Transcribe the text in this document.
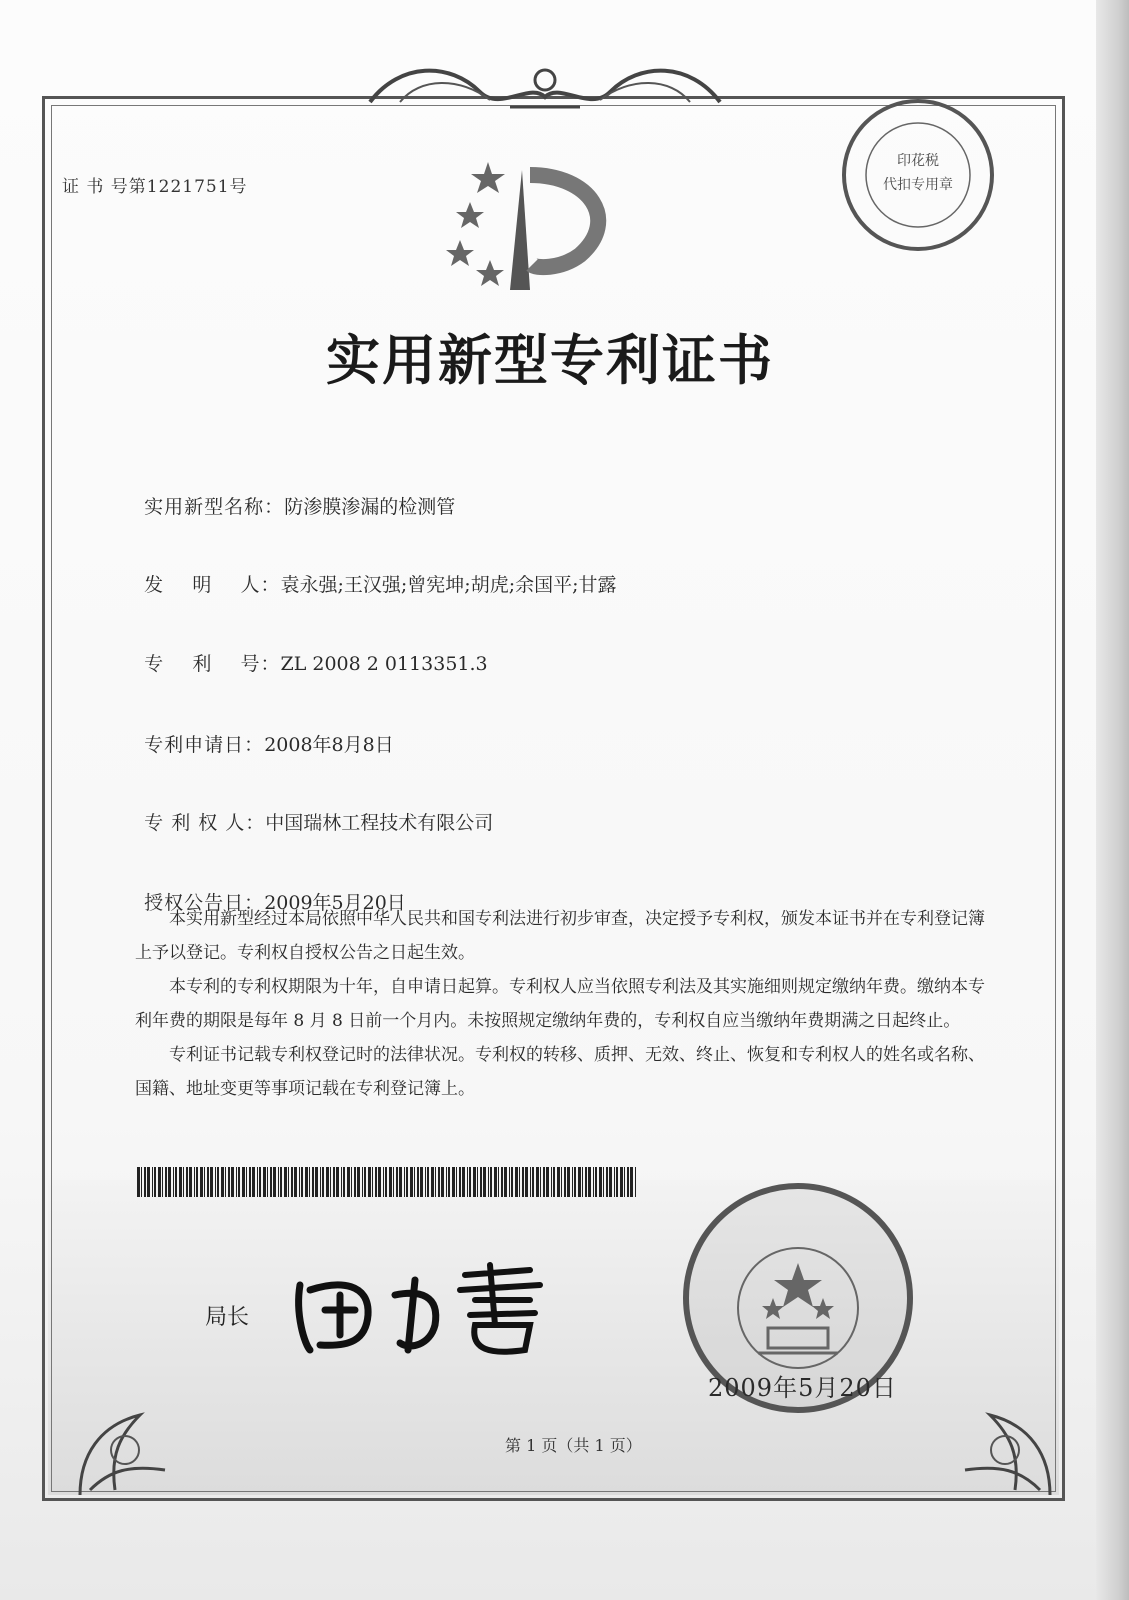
证 书 号第1221751号
实用新型专利证书
印花税
代扣专用章

实用新型名称：防渗膜渗漏的检测管

发    明    人：袁永强;王汉强;曾宪坤;胡虎;余国平;甘露

专    利    号：ZL 2008 2 0113351.3

专利申请日：2008年8月8日

专 利 权 人：中国瑞林工程技术有限公司

授权公告日：2009年5月20日

本实用新型经过本局依照中华人民共和国专利法进行初步审查，决定授予专利权，颁发本证书并在专利登记簿上予以登记。专利权自授权公告之日起生效。

本专利的专利权期限为十年，自申请日起算。专利权人应当依照专利法及其实施细则规定缴纳年费。缴纳本专利年费的期限是每年 8 月 8 日前一个月内。未按照规定缴纳年费的，专利权自应当缴纳年费期满之日起终止。

专利证书记载专利权登记时的法律状况。专利权的转移、质押、无效、终止、恢复和专利权人的姓名或名称、国籍、地址变更等事项记载在专利登记簿上。

局长
2009年5月20日
第 1 页（共 1 页）
